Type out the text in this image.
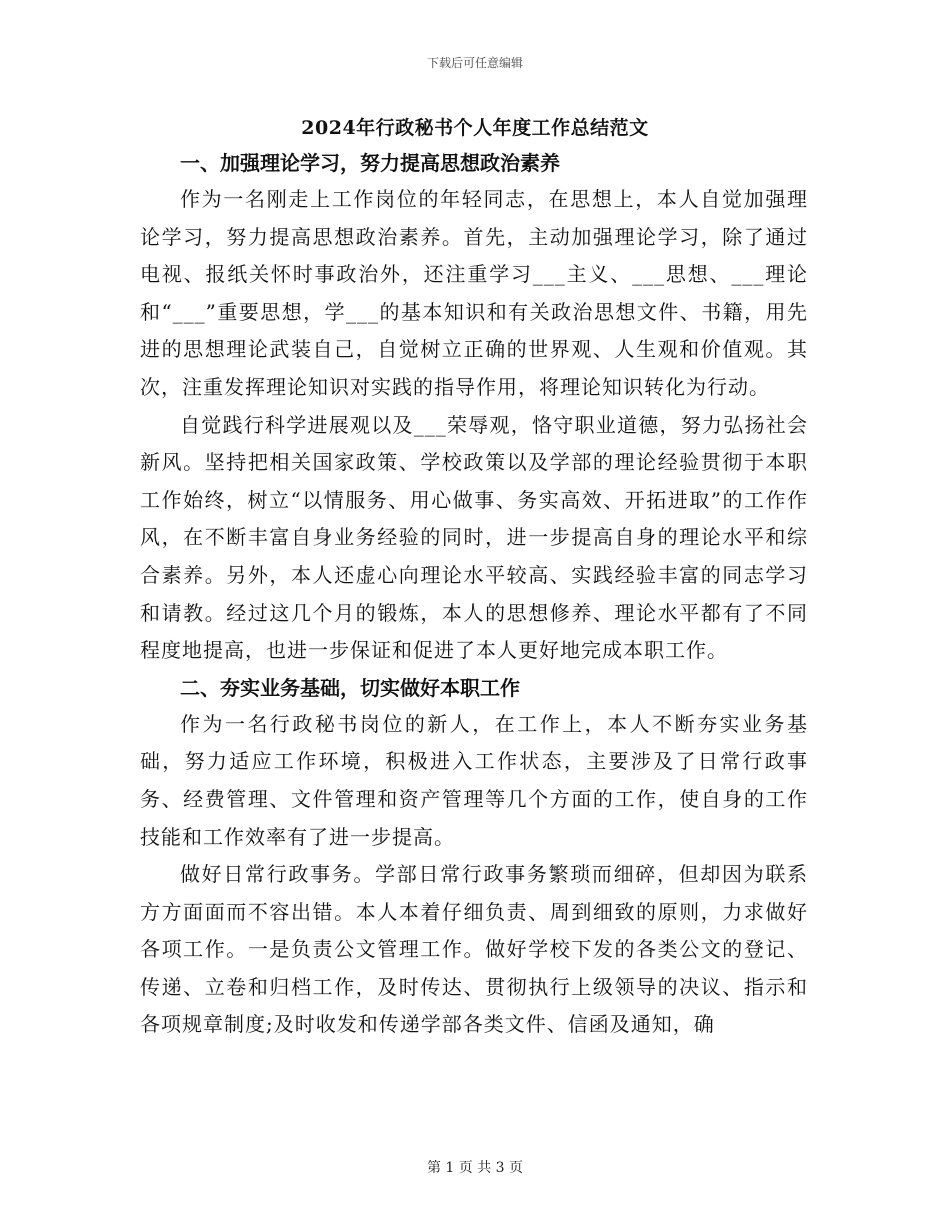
下载后可任意编辑
2024年行政秘书个人年度工作总结范文

一、加强理论学习，努力提高思想政治素养

作为一名刚走上工作岗位的年轻同志，在思想上，本人自觉加强理论学习，努力提高思想政治素养。首先，主动加强理论学习，除了通过电视、报纸关怀时事政治外，还注重学习___主义、___思想、___理论和“___”重要思想，学___的基本知识和有关政治思想文件、书籍，用先进的思想理论武装自己，自觉树立正确的世界观、人生观和价值观。其次，注重发挥理论知识对实践的指导作用，将理论知识转化为行动。

自觉践行科学进展观以及___荣辱观，恪守职业道德，努力弘扬社会新风。坚持把相关国家政策、学校政策以及学部的理论经验贯彻于本职工作始终，树立“以情服务、用心做事、务实高效、开拓进取”的工作作风，在不断丰富自身业务经验的同时，进一步提高自身的理论水平和综合素养。另外，本人还虚心向理论水平较高、实践经验丰富的同志学习和请教。经过这几个月的锻炼，本人的思想修养、理论水平都有了不同程度地提高，也进一步保证和促进了本人更好地完成本职工作。

二、夯实业务基础，切实做好本职工作

作为一名行政秘书岗位的新人，在工作上，本人不断夯实业务基础，努力适应工作环境，积极进入工作状态，主要涉及了日常行政事务、经费管理、文件管理和资产管理等几个方面的工作，使自身的工作技能和工作效率有了进一步提高。

做好日常行政事务。学部日常行政事务繁琐而细碎，但却因为联系方方面面而不容出错。本人本着仔细负责、周到细致的原则，力求做好各项工作。一是负责公文管理工作。做好学校下发的各类公文的登记、传递、立卷和归档工作，及时传达、贯彻执行上级领导的决议、指示和各项规章制度;及时收发和传递学部各类文件、信函及通知，确

第 1 页 共 3 页
